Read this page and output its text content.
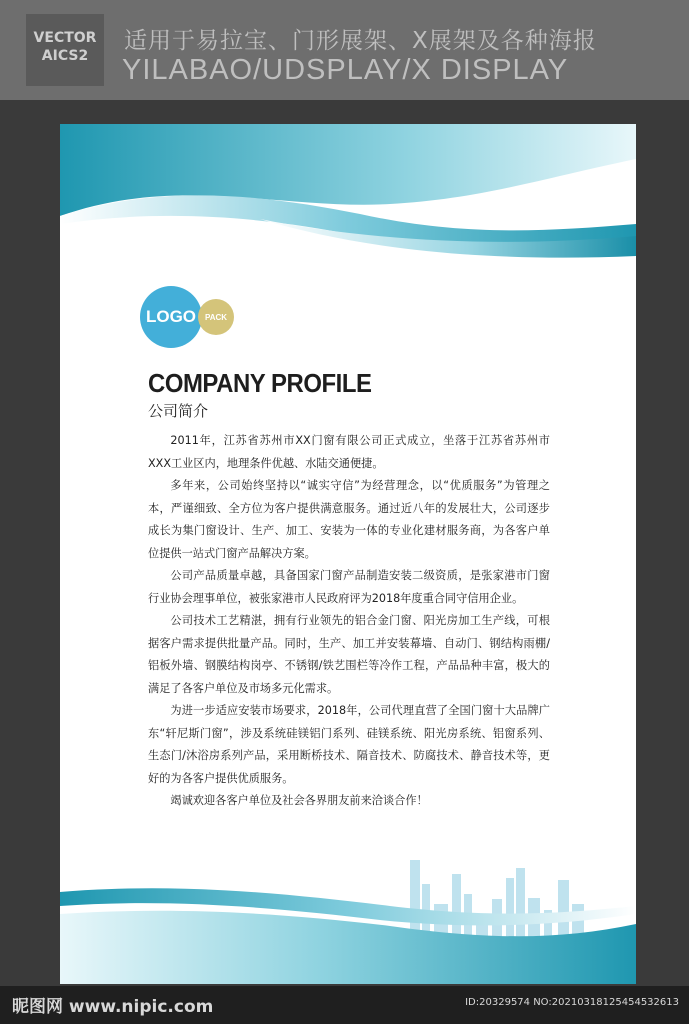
VECTOR
AICS2
适用于易拉宝、门形展架、X展架及各种海报
YILABAO/UDSPLAY/X DISPLAY
LOGO	PACK
COMPANY PROFILE
公司简介

2011年，江苏省苏州市XX门窗有限公司正式成立，坐落于江苏省苏州市XXX工业区内，地理条件优越、水陆交通便捷。

多年来，公司始终坚持以“诚实守信”为经营理念，以“优质服务”为管理之本，严谨细致、全方位为客户提供满意服务。通过近八年的发展壮大，公司逐步成长为集门窗设计、生产、加工、安装为一体的专业化建材服务商，为各客户单位提供一站式门窗产品解决方案。

公司产品质量卓越，具备国家门窗产品制造安装二级资质，是张家港市门窗行业协会理事单位，被张家港市人民政府评为2018年度重合同守信用企业。

公司技术工艺精湛，拥有行业领先的铝合金门窗、阳光房加工生产线，可根据客户需求提供批量产品。同时，生产、加工并安装幕墙、自动门、钢结构雨棚/铝板外墙、钢膜结构岗亭、不锈钢/铁艺围栏等冷作工程，产品品种丰富，极大的满足了各客户单位及市场多元化需求。

为进一步适应安装市场要求，2018年，公司代理直营了全国门窗十大品牌广东“轩尼斯门窗”，涉及系统硅镁铝门系列、硅镁系统、阳光房系统、铝窗系列、生态门/沐浴房系列产品，采用断桥技术、隔音技术、防腐技术、静音技术等，更好的为各客户提供优质服务。

竭诚欢迎各客户单位及社会各界朋友前来洽谈合作！

昵图网 www.nipic.com	ID:20329574 NO:20210318125454532613
